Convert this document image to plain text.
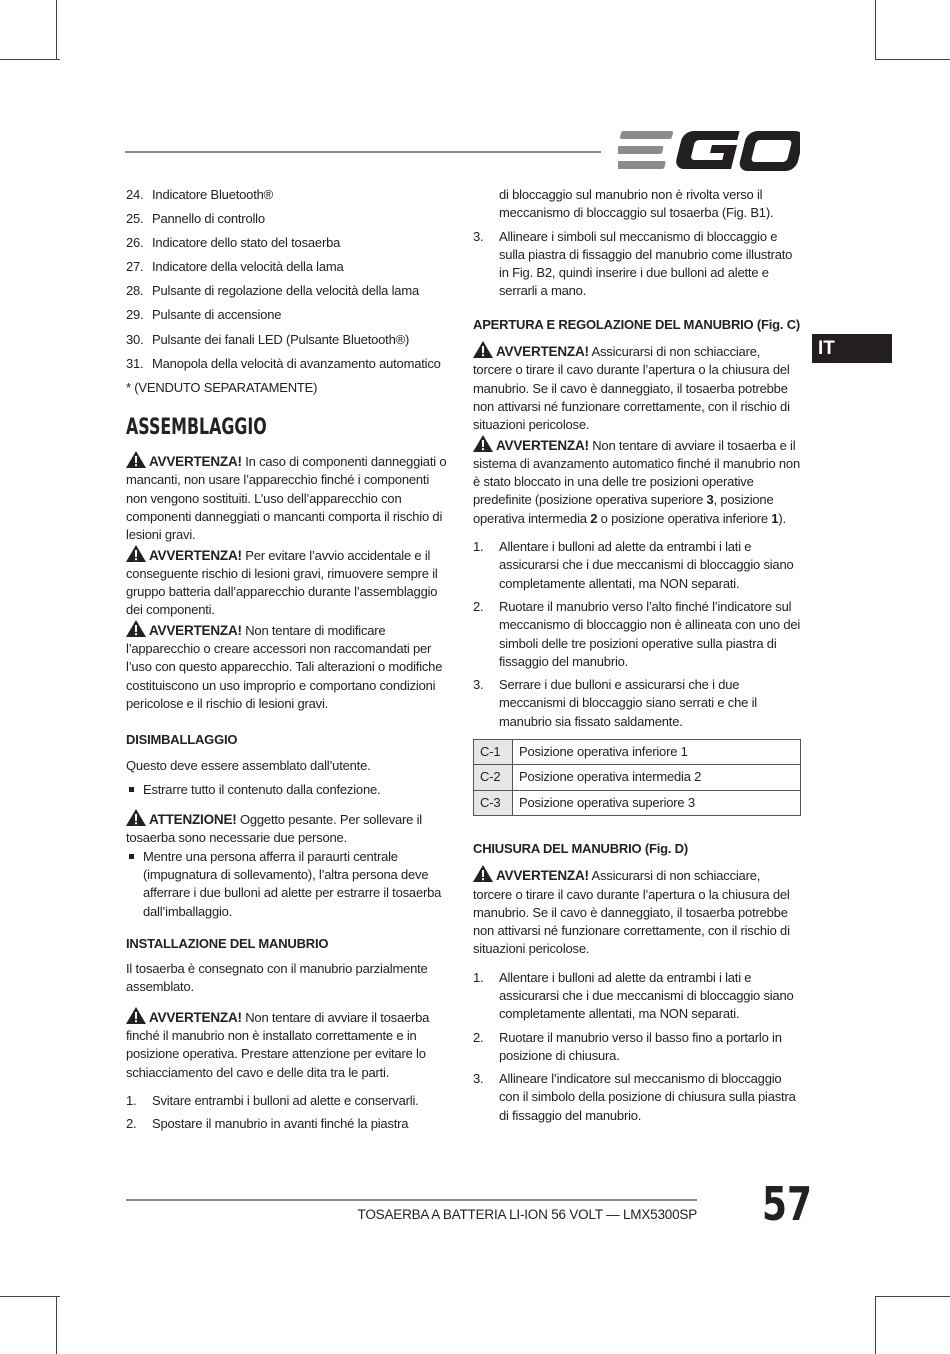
IT
24. Indicatore Bluetooth®
25. Pannello di controllo
26. Indicatore dello stato del tosaerba
27. Indicatore della velocità della lama
28. Pulsante di regolazione della velocità della lama
29. Pulsante di accensione
30. Pulsante dei fanali LED (Pulsante Bluetooth®)
31. Manopola della velocità di avanzamento automatico

* (VENDUTO SEPARATAMENTE)

ASSEMBLAGGIO

AVVERTENZA! In caso di componenti danneggiati o mancanti, non usare l’apparecchio finché i componenti non vengono sostituiti. L’uso dell’apparecchio con componenti danneggiati o mancanti comporta il rischio di lesioni gravi.

AVVERTENZA! Per evitare l’avvio accidentale e il conseguente rischio di lesioni gravi, rimuovere sempre il gruppo batteria dall’apparecchio durante l’assemblaggio dei componenti.

AVVERTENZA! Non tentare di modificare l’apparecchio o creare accessori non raccomandati per l’uso con questo apparecchio. Tali alterazioni o modifiche costituiscono un uso improprio e comportano condizioni pericolose e il rischio di lesioni gravi.

DISIMBALLAGGIO

Questo deve essere assemblato dall’utente.

Estrarre tutto il contenuto dalla confezione.

ATTENZIONE! Oggetto pesante. Per sollevare il tosaerba sono necessarie due persone.

Mentre una persona afferra il paraurti centrale (impugnatura di sollevamento), l’altra persona deve afferrare i due bulloni ad alette per estrarre il tosaerba dall’imballaggio.
INSTALLAZIONE DEL MANUBRIO

Il tosaerba è consegnato con il manubrio parzialmente assemblato.

AVVERTENZA! Non tentare di avviare il tosaerba finché il manubrio non è installato correttamente e in posizione operativa. Prestare attenzione per evitare lo schiacciamento del cavo e delle dita tra le parti.

1. Svitare entrambi i bulloni ad alette e conservarli.
2. Spostare il manubrio in avanti finché la piastra
di bloccaggio sul manubrio non è rivolta verso il meccanismo di bloccaggio sul tosaerba (Fig. B1).
3. Allineare i simboli sul meccanismo di bloccaggio e sulla piastra di fissaggio del manubrio come illustrato in Fig. B2, quindi inserire i due bulloni ad alette e serrarli a mano.
APERTURA E REGOLAZIONE DEL MANUBRIO (Fig. C)

AVVERTENZA! Assicurarsi di non schiacciare, torcere o tirare il cavo durante l’apertura o la chiusura del manubrio. Se il cavo è danneggiato, il tosaerba potrebbe non attivarsi né funzionare correttamente, con il rischio di situazioni pericolose.

AVVERTENZA! Non tentare di avviare il tosaerba e il sistema di avanzamento automatico finché il manubrio non è stato bloccato in una delle tre posizioni operative predefinite (posizione operativa superiore 3, posizione operativa intermedia 2 o posizione operativa inferiore 1).

1. Allentare i bulloni ad alette da entrambi i lati e assicurarsi che i due meccanismi di bloccaggio siano completamente allentati, ma NON separati.
2. Ruotare il manubrio verso l’alto finché l’indicatore sul meccanismo di bloccaggio non è allineata con uno dei simboli delle tre posizioni operative sulla piastra di fissaggio del manubrio.
3. Serrare i due bulloni e assicurarsi che i due meccanismi di bloccaggio siano serrati e che il manubrio sia fissato saldamente.
C-1	Posizione operativa inferiore 1
C-2	Posizione operativa intermedia 2
C-3	Posizione operativa superiore 3
CHIUSURA DEL MANUBRIO (Fig. D)

AVVERTENZA! Assicurarsi di non schiacciare, torcere o tirare il cavo durante l’apertura o la chiusura del manubrio. Se il cavo è danneggiato, il tosaerba potrebbe non attivarsi né funzionare correttamente, con il rischio di situazioni pericolose.

1. Allentare i bulloni ad alette da entrambi i lati e assicurarsi che i due meccanismi di bloccaggio siano completamente allentati, ma NON separati.
2. Ruotare il manubrio verso il basso fino a portarlo in posizione di chiusura.
3. Allineare l’indicatore sul meccanismo di bloccaggio con il simbolo della posizione di chiusura sulla piastra di fissaggio del manubrio.
TOSAERBA A BATTERIA LI-ION 56 VOLT — LMX5300SP 57
